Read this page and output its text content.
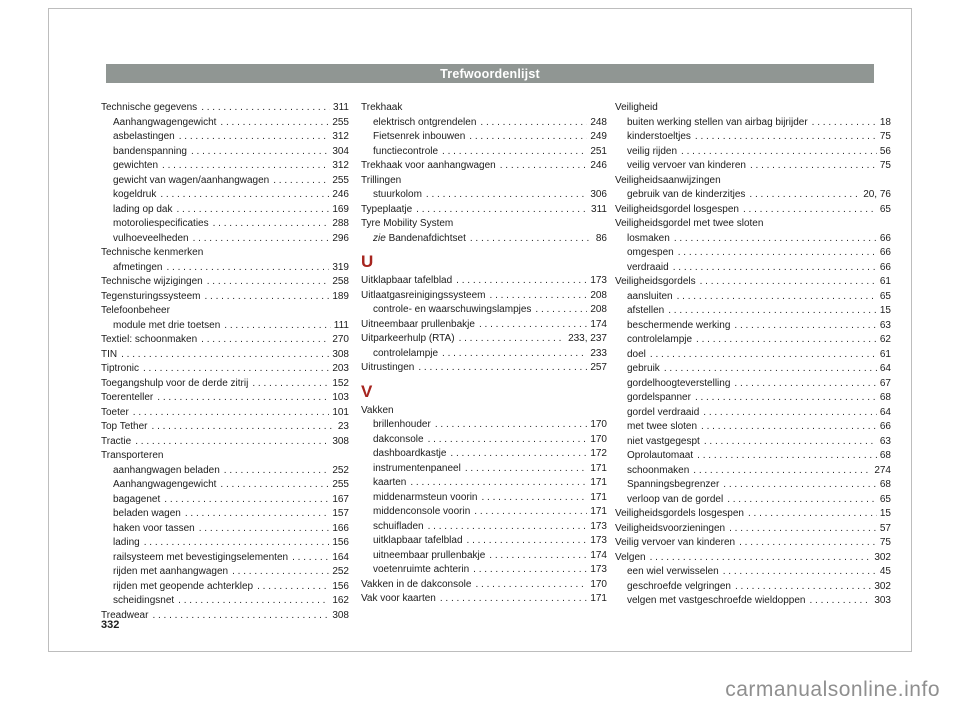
Trefwoordenlijst
Technische gegevens . . .	311
Aanhangwagengewicht . . .	255
asbelastingen . . .	312
bandenspanning . . .	304
gewichten . . .	312
gewicht van wagen/aanhangwagen . . .	255
kogeldruk . . .	246
lading op dak . . .	169
motoroliespecificaties . . .	288
vulhoeveelheden . . .	296
Technische kenmerken
afmetingen . . .	319
Technische wijzigingen . . .	258
Tegensturingssysteem . . .	189
Telefoonbeheer
module met drie toetsen . . .	111
Textiel: schoonmaken . . .	270
TIN . . .	308
Tiptronic . . .	203
Toegangshulp voor de derde zitrij . . .	152
Toerenteller . . .	103
Toeter . . .	101
Top Tether . . .	23
Tractie . . .	308
Transporteren
aanhangwagen beladen . . .	252
Aanhangwagengewicht . . .	255
bagagenet . . .	167
beladen wagen . . .	157
haken voor tassen . . .	166
lading . . .	156
railsysteem met bevestigingselementen . . .	164
rijden met aanhangwagen . . .	252
rijden met geopende achterklep . . .	156
scheidingsnet . . .	162
Treadwear . . .	308
Trekhaak
elektrisch ontgrendelen . . .	248
Fietsenrek inbouwen . . .	249
functiecontrole . . .	251
Trekhaak voor aanhangwagen . . .	246
Trillingen
stuurkolom . . .	306
Typeplaatje . . .	311
Tyre Mobility System
zie Bandenafdichtset . . .	86
U
Uitklapbaar tafelblad . . .	173
Uitlaatgasreinigingssysteem . . .	208
controle- en waarschuwingslampjes . . .	208
Uitneembaar prullenbakje . . .	174
Uitparkeerhulp (RTA) . . .	233, 237
controlelampje . . .	233
Uitrustingen . . .	257
V
Vakken
brillenhouder . . .	170
dakconsole . . .	170
dashboardkastje . . .	172
instrumentenpaneel . . .	171
kaarten . . .	171
middenarmsteun voorin . . .	171
middenconsole voorin . . .	171
schuifladen . . .	173
uitklapbaar tafelblad . . .	173
uitneembaar prullenbakje . . .	174
voetenruimte achterin . . .	173
Vakken in de dakconsole . . .	170
Vak voor kaarten . . .	171
Veiligheid
buiten werking stellen van airbag bijrijder . . .	18
kinderstoeltjes . . .	75
veilig rijden . . .	56
veilig vervoer van kinderen . . .	75
Veiligheidsaanwijzingen
gebruik van de kinderzitjes . . .	20, 76
Veiligheidsgordel losgespen . . .	65
Veiligheidsgordel met twee sloten
losmaken . . .	66
omgespen . . .	66
verdraaid . . .	66
Veiligheidsgordels . . .	61
aansluiten . . .	65
afstellen . . .	15
beschermende werking . . .	63
controlelampje . . .	62
doel . . .	61
gebruik . . .	64
gordelhoogteverstelling . . .	67
gordelspanner . . .	68
gordel verdraaid . . .	64
met twee sloten . . .	66
niet vastgegespt . . .	63
Oprolautomaat . . .	68
schoonmaken . . .	274
Spanningsbegrenzer . . .	68
verloop van de gordel . . .	65
Veiligheidsgordels losgespen . . .	15
Veiligheidsvoorzieningen . . .	57
Veilig vervoer van kinderen . . .	75
Velgen . . .	302
een wiel verwisselen . . .	45
geschroefde velgringen . . .	302
velgen met vastgeschroefde wieldoppen . . .	303
332
carmanualsonline.info
